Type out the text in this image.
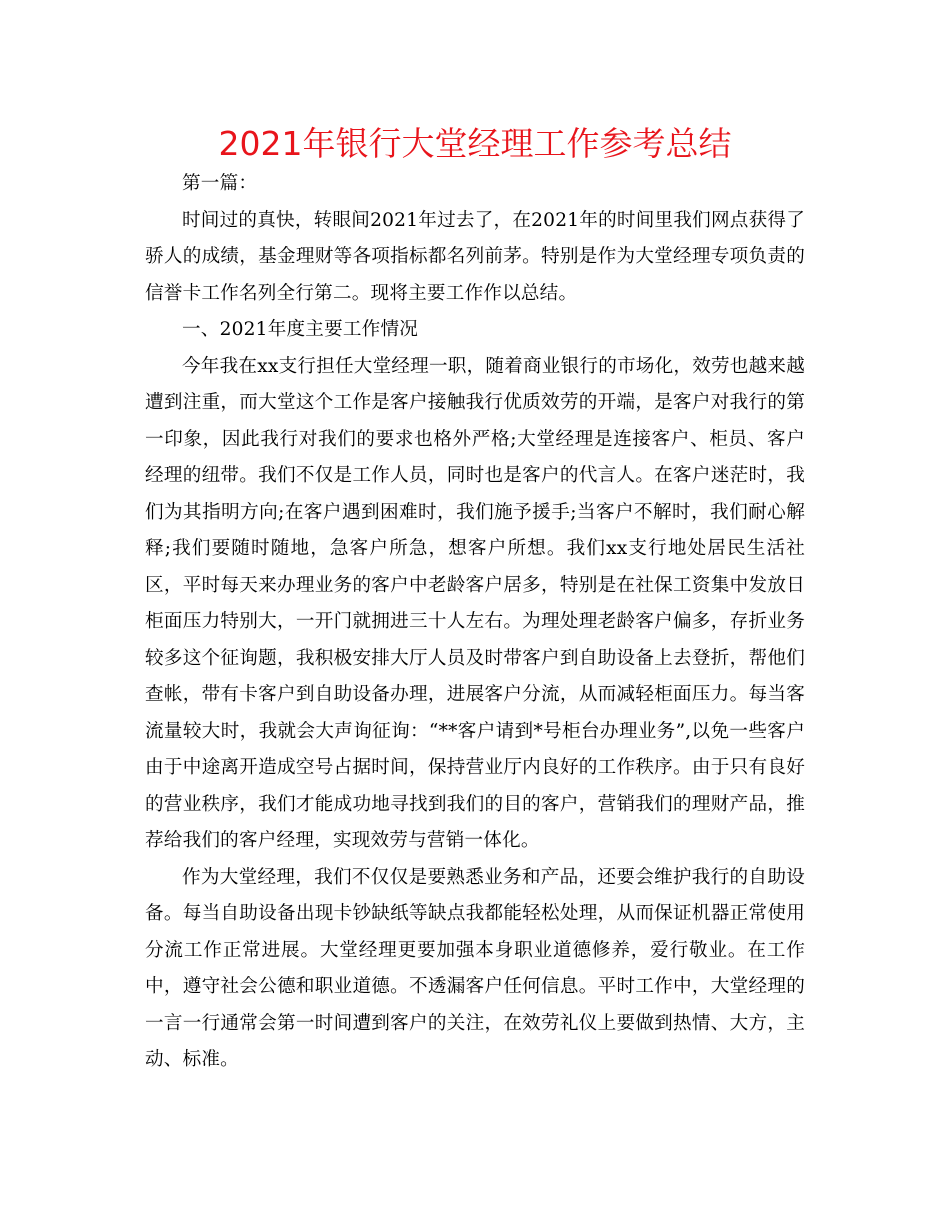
2021年银行大堂经理工作参考总结

第一篇：

时间过的真快，转眼间2021年过去了，在2021年的时间里我们网点获得了骄人的成绩，基金理财等各项指标都名列前茅。特别是作为大堂经理专项负责的信誉卡工作名列全行第二。现将主要工作作以总结。

一、2021年度主要工作情况

今年我在xx支行担任大堂经理一职，随着商业银行的市场化，效劳也越来越遭到注重，而大堂这个工作是客户接触我行优质效劳的开端，是客户对我行的第一印象，因此我行对我们的要求也格外严格;大堂经理是连接客户、柜员、客户经理的纽带。我们不仅是工作人员，同时也是客户的代言人。在客户迷茫时，我们为其指明方向;在客户遇到困难时，我们施予援手;当客户不解时，我们耐心解释;我们要随时随地，急客户所急，想客户所想。我们xx支行地处居民生活社区，平时每天来办理业务的客户中老龄客户居多，特别是在社保工资集中发放日柜面压力特别大，一开门就拥进三十人左右。为理处理老龄客户偏多，存折业务较多这个征询题，我积极安排大厅人员及时带客户到自助设备上去登折，帮他们查帐，带有卡客户到自助设备办理，进展客户分流，从而减轻柜面压力。每当客流量较大时，我就会大声询征询：“**客户请到*号柜台办理业务”,以免一些客户由于中途离开造成空号占据时间，保持营业厅内良好的工作秩序。由于只有良好的营业秩序，我们才能成功地寻找到我们的目的客户，营销我们的理财产品，推荐给我们的客户经理，实现效劳与营销一体化。

作为大堂经理，我们不仅仅是要熟悉业务和产品，还要会维护我行的自助设备。每当自助设备出现卡钞缺纸等缺点我都能轻松处理，从而保证机器正常使用分流工作正常进展。大堂经理更要加强本身职业道德修养，爱行敬业。在工作中，遵守社会公德和职业道德。不透漏客户任何信息。平时工作中，大堂经理的一言一行通常会第一时间遭到客户的关注，在效劳礼仪上要做到热情、大方，主动、标准。
